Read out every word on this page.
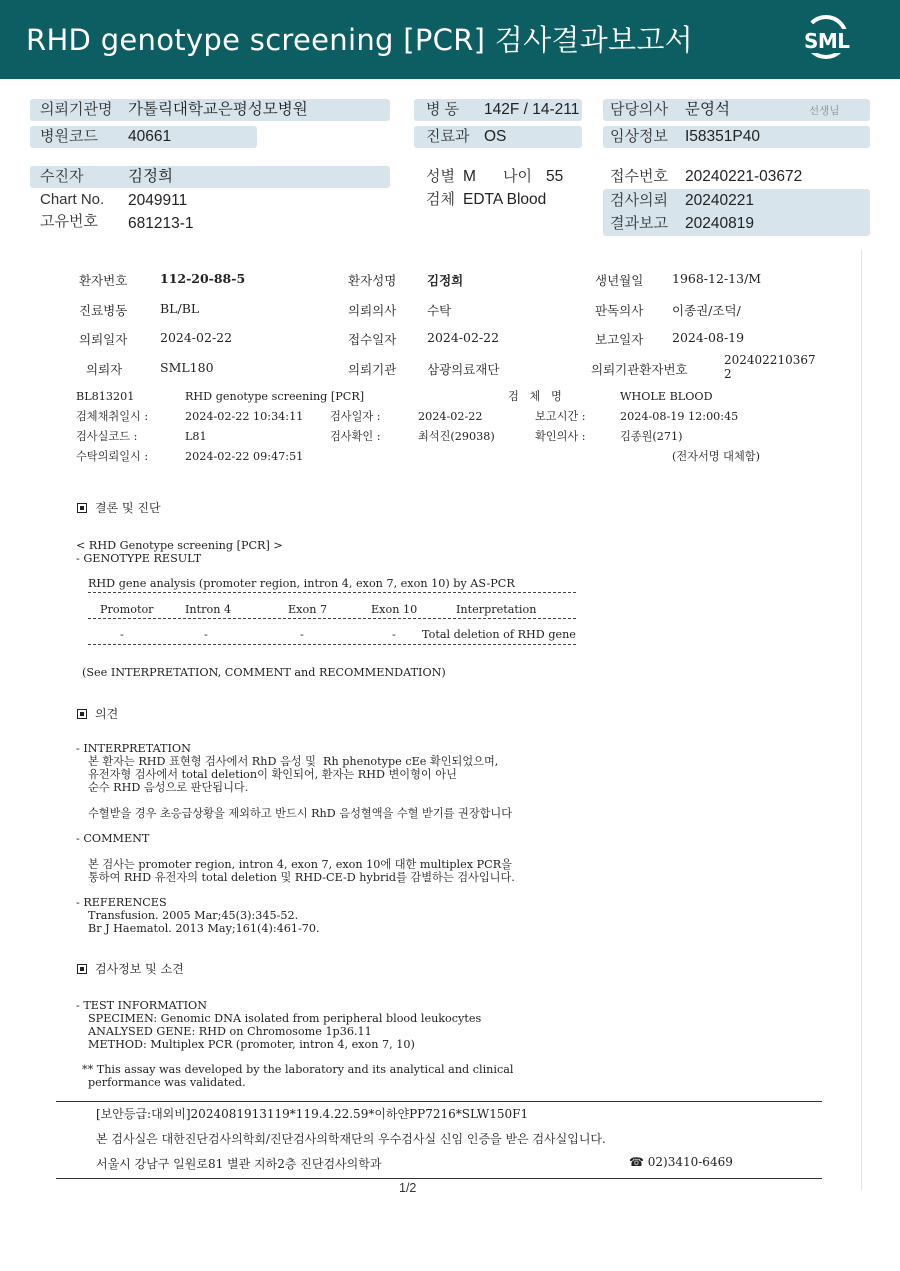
RHD genotype screening [PCR] 검사결과보고서	SML
의뢰기관명 가톨릭대학교은평성모병원	병 동 142F / 14-211 담당의사 문영석	선생님
병원코드 40661	진료과 OS	임상정보 I58351P40
수진자	김정희	성별 M 나이 55	접수번호 20240221-03672
Chart No. 2049911	검체 EDTA Blood	검사의뢰 20240221
고유번호 681213-1	결과보고 20240819
환자번호	112-20-88-5	환자성명 김정희	생년월일 1968-12-13/M
진료병동	BL/BL	의뢰의사 수탁	판독의사 이종권/조덕/
의뢰일자	2024-02-22	접수일자 2024-02-22	보고일자 2024-08-19
의뢰자	SML180	의뢰기관 삼광의료재단	의뢰기관환자번호
2024022103672
BL813201	RHD genotype screening [PCR]	검   체   명	WHOLE BLOOD
검체채취일시 :	2024-02-22 10:34:11 검사일자 :	2024-02-22	보고시간 :	2024-08-19 12:00:45
검사실코드 :	L81	검사확인 :	최석진(29038)	확인의사 :	김종원(271)
수탁의뢰일시 :	2024-02-22 09:47:51	(전자서명 대체함)
결론 및 진단
< RHD Genotype screening [PCR] >
- GENOTYPE RESULT
RHD gene analysis (promoter region, intron 4, exon 7, exon 10) by AS-PCR
Promotor	Intron 4	Exon 7	Exon 10	Interpretation
-	-	-	- Total deletion of RHD gene
(See INTERPRETATION, COMMENT and RECOMMENDATION)
의견
- INTERPRETATION
본 환자는 RHD 표현형 검사에서 RhD 음성 및  Rh phenotype cEe 확인되었으며,
유전자형 검사에서 total deletion이 확인되어, 환자는 RHD 변이형이 아닌
순수 RHD 음성으로 판단됩니다.
수혈받을 경우 초응급상황을 제외하고 반드시 RhD 음성혈액을 수혈 받기를 권장합니다
- COMMENT
본 검사는 promoter region, intron 4, exon 7, exon 10에 대한 multiplex PCR을
통하여 RHD 유전자의 total deletion 및 RHD-CE-D hybrid를 감별하는 검사입니다.
- REFERENCES
Transfusion. 2005 Mar;45(3):345-52.
Br J Haematol. 2013 May;161(4):461-70.
검사정보 및 소견
- TEST INFORMATION
SPECIMEN: Genomic DNA isolated from peripheral blood leukocytes
ANALYSED GENE: RHD on Chromosome 1p36.11
METHOD: Multiplex PCR (promoter, intron 4, exon 7, 10)
** This assay was developed by the laboratory and its analytical and clinical
performance was validated.
[보안등급:대외비]2024081913119*119.4.22.59*이하얀PP7216*SLW150F1
본 검사실은 대한진단검사의학회/진단검사의학재단의 우수검사실 신임 인증을 받은 검사실입니다.
서울시 강남구 일원로81 별관 지하2층 진단검사의학과	☎ 02)3410-6469
1/2
